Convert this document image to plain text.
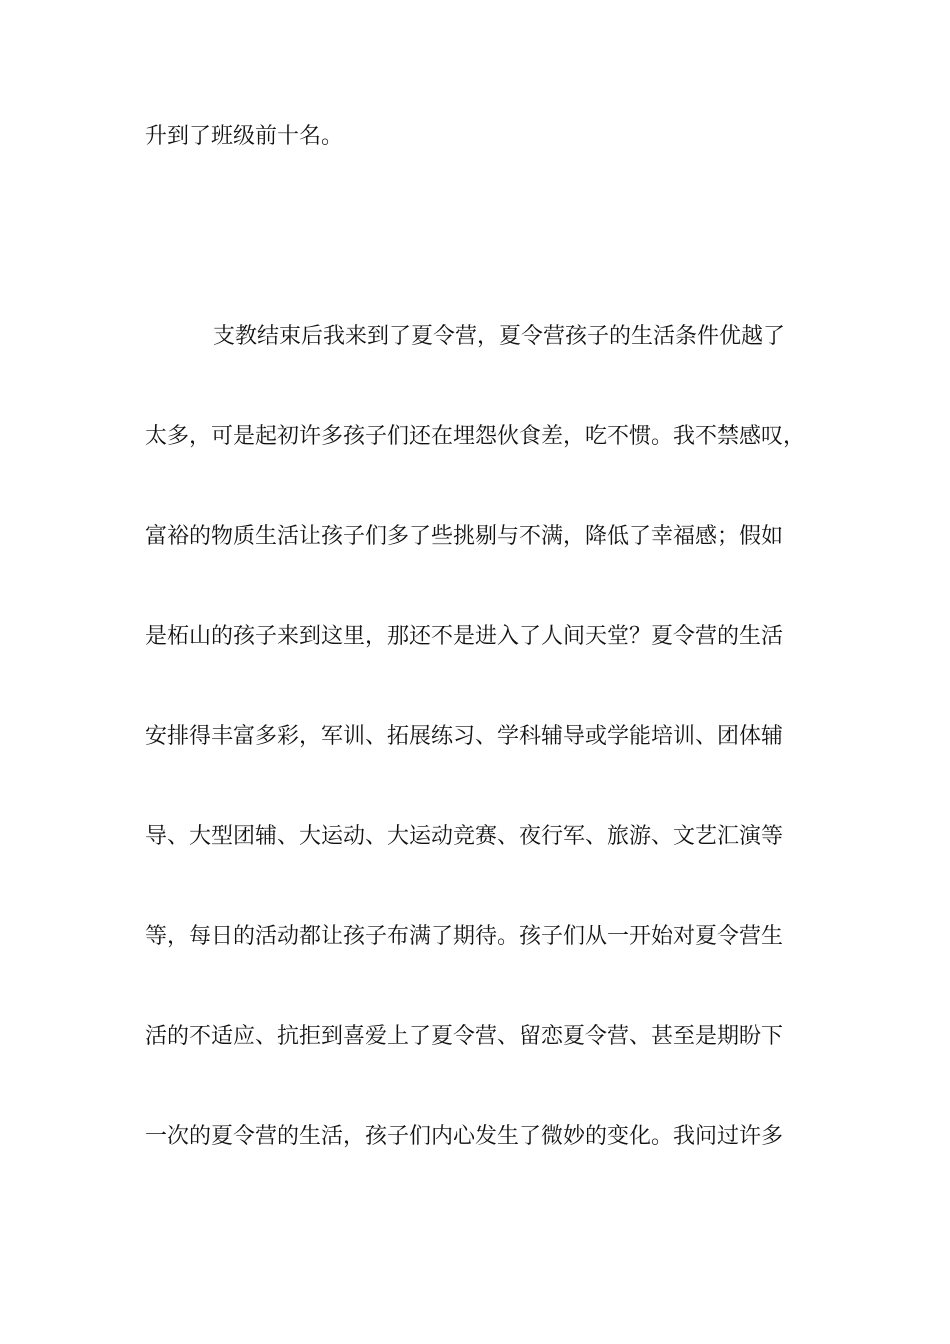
升到了班级前十名。

支教结束后我来到了夏令营，夏令营孩子的生活条件优越了

太多，可是起初许多孩子们还在埋怨伙食差，吃不惯。我不禁感叹，

富裕的物质生活让孩子们多了些挑剔与不满，降低了幸福感；假如

是柘山的孩子来到这里，那还不是进入了人间天堂？夏令营的生活

安排得丰富多彩，军训、拓展练习、学科辅导或学能培训、团体辅

导、大型团辅、大运动、大运动竞赛、夜行军、旅游、文艺汇演等

等，每日的活动都让孩子布满了期待。孩子们从一开始对夏令营生

活的不适应、抗拒到喜爱上了夏令营、留恋夏令营、甚至是期盼下

一次的夏令营的生活，孩子们内心发生了微妙的变化。我问过许多
